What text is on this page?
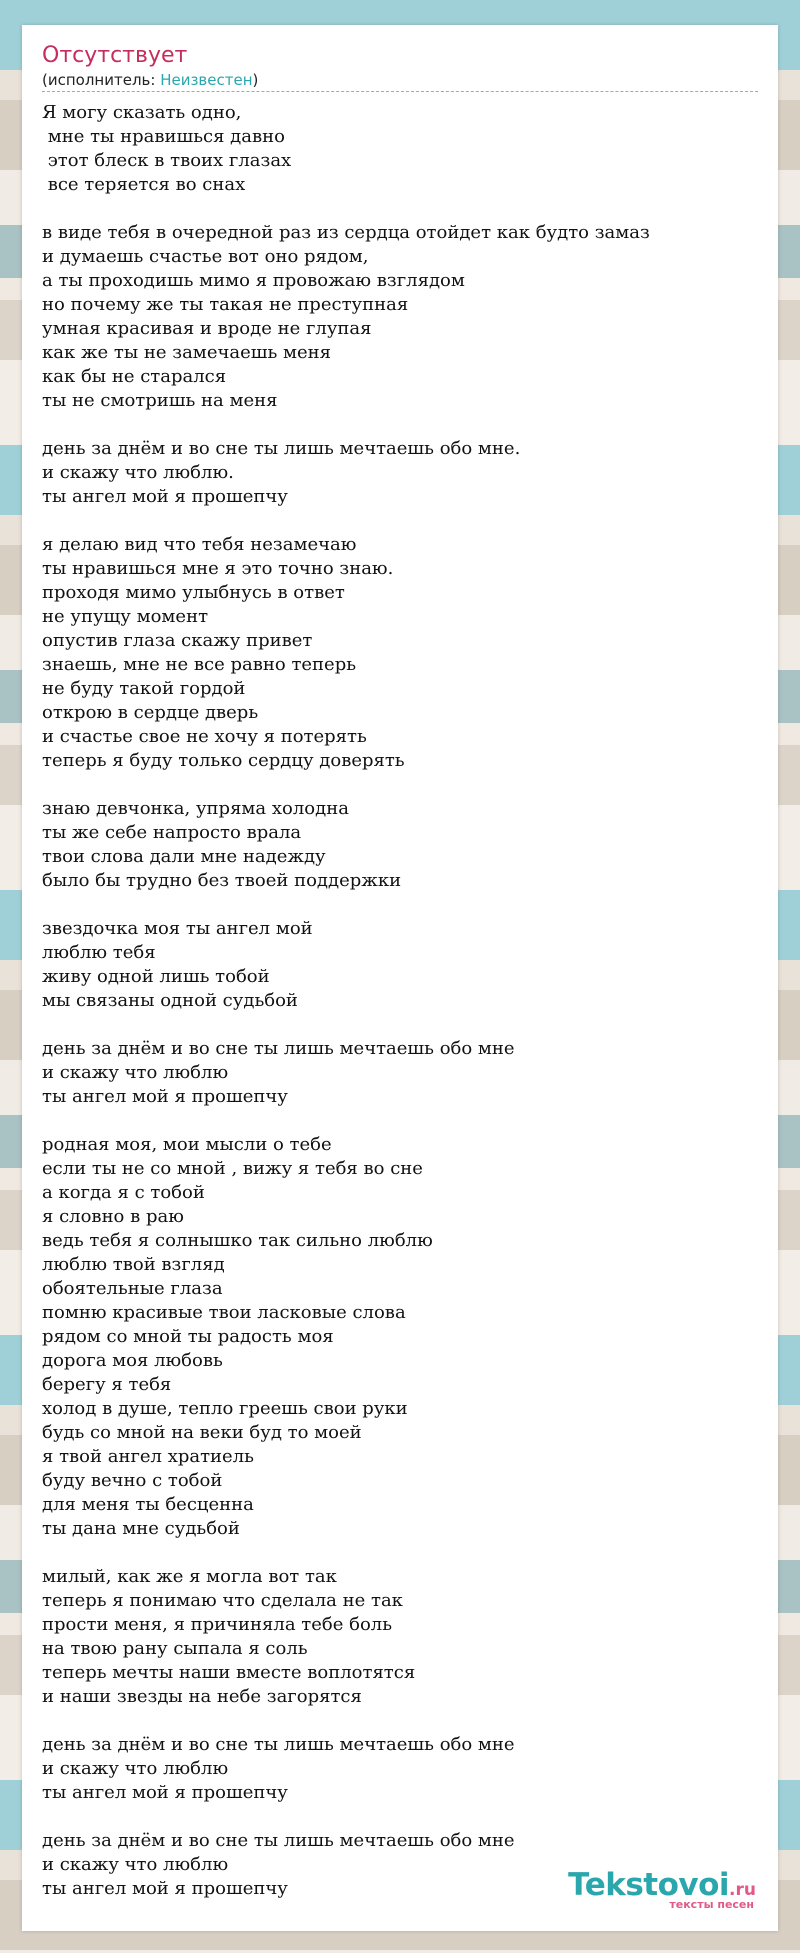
Отсутствует
(исполнитель: Неизвестен)
Я могу сказать одно,
мне ты нравишься давно
этот блеск в твоих глазах
все теряется во снах
в виде тебя в очередной раз из сердца отойдет как будто замаз
и думаешь счастье вот оно рядом,
а ты проходишь мимо я провожаю взглядом
но почему же ты такая не преступная
умная красивая и вроде не глупая
как же ты не замечаешь меня
как бы не старался
ты не смотришь на меня
день за днём и во сне ты лишь мечтаешь обо мне.
и скажу что люблю.
ты ангел мой я прошепчу
я делаю вид что тебя незамечаю
ты нравишься мне я это точно знаю.
проходя мимо улыбнусь в ответ
не упущу момент
опустив глаза скажу привет
знаешь, мне не все равно теперь
не буду такой гордой
открою в сердце дверь
и счастье свое не хочу я потерять
теперь я буду только сердцу доверять
знаю девчонка, упряма холодна
ты же себе напросто врала
твои слова дали мне надежду
было бы трудно без твоей поддержки
звездочка моя ты ангел мой
люблю тебя
живу одной лишь тобой
мы связаны одной судьбой
день за днём и во сне ты лишь мечтаешь обо мне
и скажу что люблю
ты ангел мой я прошепчу
родная моя, мои мысли о тебе
если ты не со мной , вижу я тебя во сне
а когда я с тобой
я словно в раю
ведь тебя я солнышко так сильно люблю
люблю твой взгляд
обоятельные глаза
помню красивые твои ласковые слова
рядом со мной ты радость моя
дорога моя любовь
берегу я тебя
холод в душе, тепло греешь свои руки
будь со мной на веки буд то моей
я твой ангел хратиель
буду вечно с тобой
для меня ты бесценна
ты дана мне судьбой
милый, как же я могла вот так
теперь я понимаю что сделала не так
прости меня, я причиняла тебе боль
на твою рану сыпала я соль
теперь мечты наши вместе воплотятся
и наши звезды на небе загорятся
день за днём и во сне ты лишь мечтаешь обо мне
и скажу что люблю
ты ангел мой я прошепчу
день за днём и во сне ты лишь мечтаешь обо мне
и скажу что люблю
ты ангел мой я прошепчу	Tekstovoi.ru
тексты песен
